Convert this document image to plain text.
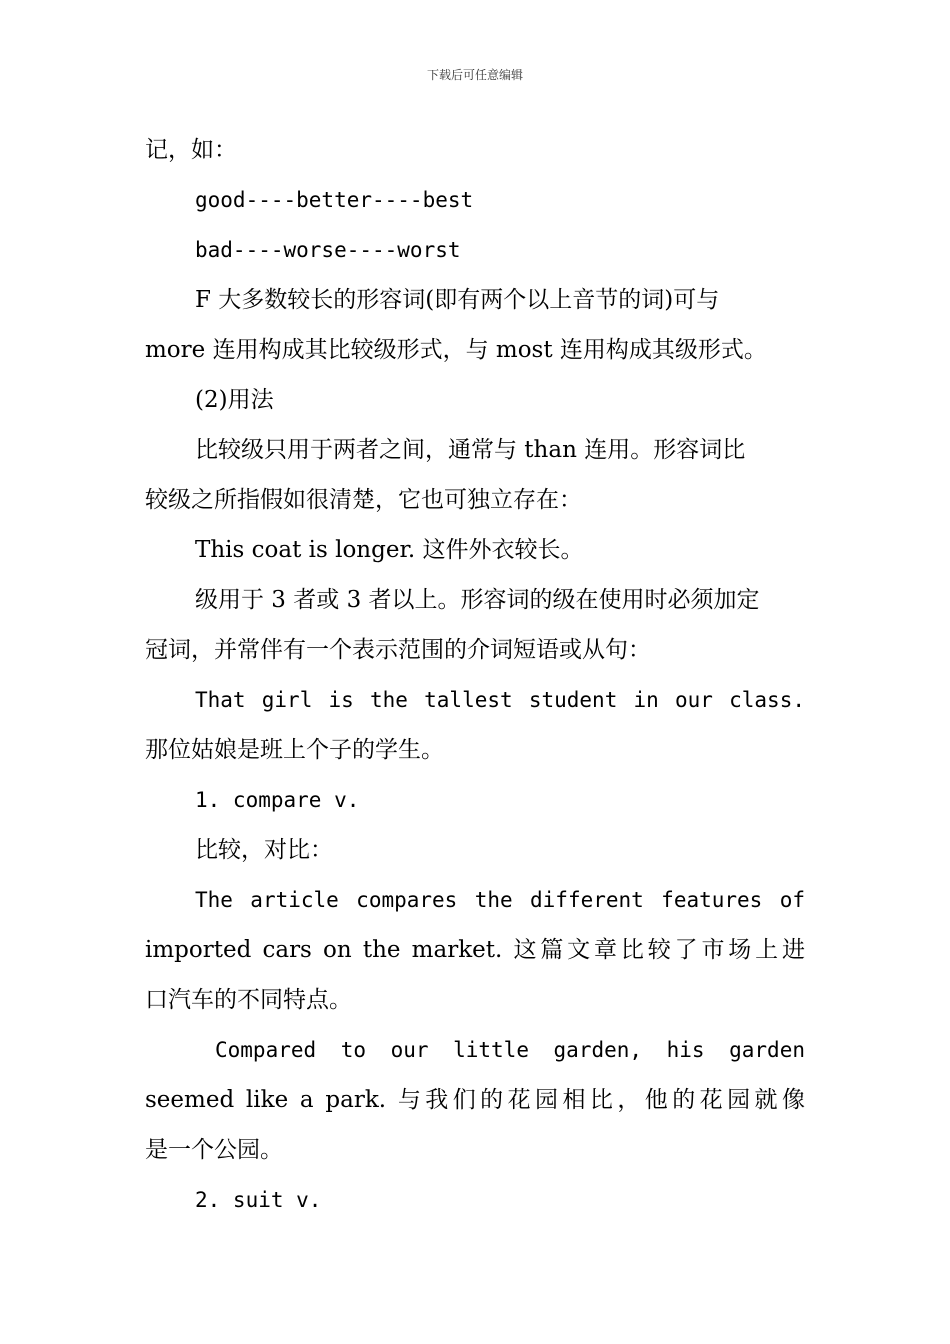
下载后可任意编辑
记，如：
good----better----best
bad----worse----worst
F 大多数较长的形容词(即有两个以上音节的词)可与
more 连用构成其比较级形式，与 most 连用构成其级形式。
(2)用法
比较级只用于两者之间，通常与 than 连用。形容词比
较级之所指假如很清楚，它也可独立存在：
This coat is longer. 这件外衣较长。
级用于 3 者或 3 者以上。形容词的级在使用时必须加定
冠词，并常伴有一个表示范围的介词短语或从句：
That girl is the tallest student in our class.
那位姑娘是班上个子的学生。
1. compare v.
比较，对比：
The article compares the different features of
imported cars on the market. 这篇文章比较了市场上进
口汽车的不同特点。
Compared to our little garden, his garden
seemed like a park. 与我们的花园相比，他的花园就像
是一个公园。
2. suit v.
